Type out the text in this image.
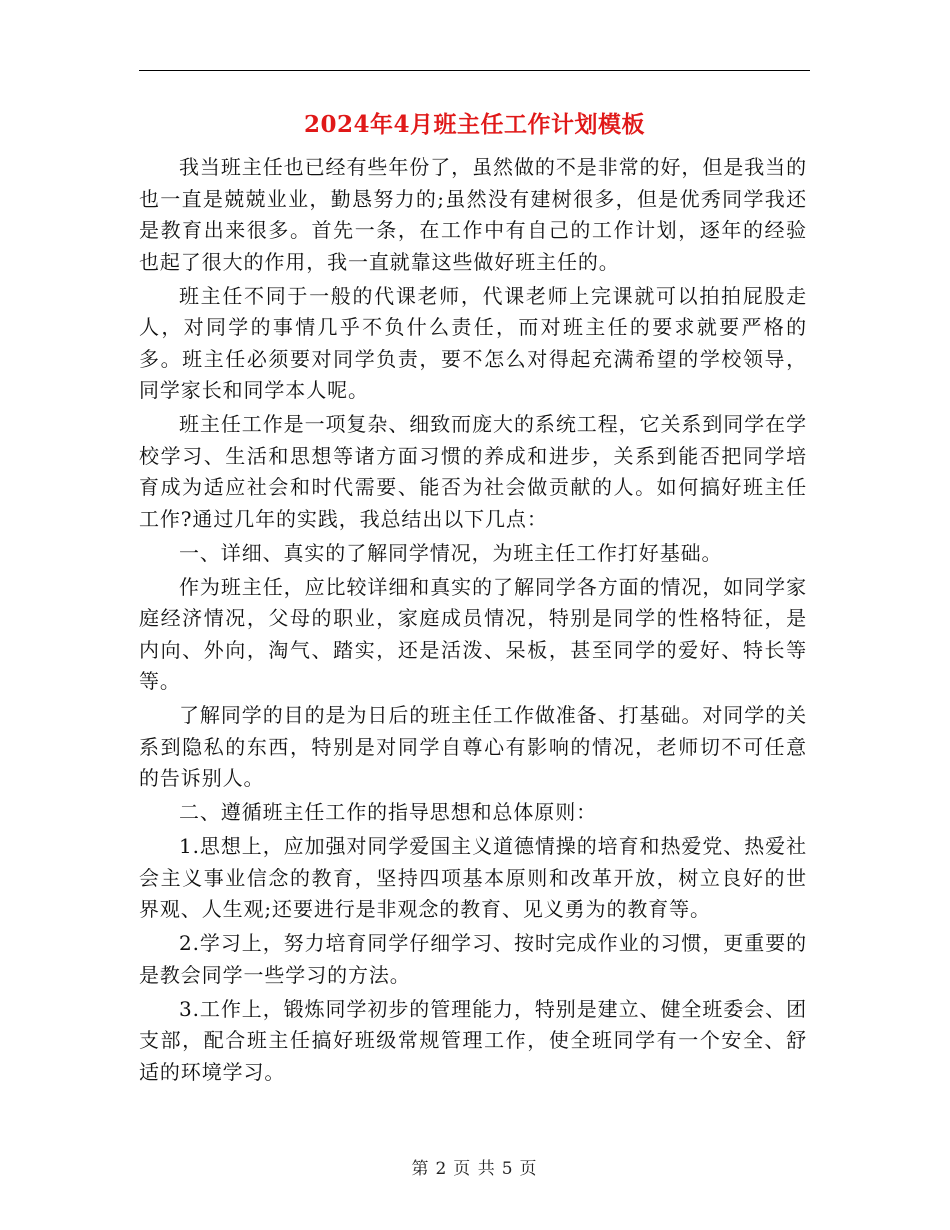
2024年4月班主任工作计划模板

我当班主任也已经有些年份了，虽然做的不是非常的好，但是我当的也一直是兢兢业业，勤恳努力的;虽然没有建树很多，但是优秀同学我还是教育出来很多。首先一条，在工作中有自己的工作计划，逐年的经验也起了很大的作用，我一直就靠这些做好班主任的。

班主任不同于一般的代课老师，代课老师上完课就可以拍拍屁股走人，对同学的事情几乎不负什么责任，而对班主任的要求就要严格的多。班主任必须要对同学负责，要不怎么对得起充满希望的学校领导，同学家长和同学本人呢。

班主任工作是一项复杂、细致而庞大的系统工程，它关系到同学在学校学习、生活和思想等诸方面习惯的养成和进步，关系到能否把同学培育成为适应社会和时代需要、能否为社会做贡献的人。如何搞好班主任工作?通过几年的实践，我总结出以下几点：

一、详细、真实的了解同学情况，为班主任工作打好基础。

作为班主任，应比较详细和真实的了解同学各方面的情况，如同学家庭经济情况，父母的职业，家庭成员情况，特别是同学的性格特征，是内向、外向，淘气、踏实，还是活泼、呆板，甚至同学的爱好、特长等等。

了解同学的目的是为日后的班主任工作做准备、打基础。对同学的关系到隐私的东西，特别是对同学自尊心有影响的情况，老师切不可任意的告诉别人。

二、遵循班主任工作的指导思想和总体原则：

1.思想上，应加强对同学爱国主义道德情操的培育和热爱党、热爱社会主义事业信念的教育，坚持四项基本原则和改革开放，树立良好的世界观、人生观;还要进行是非观念的教育、见义勇为的教育等。

2.学习上，努力培育同学仔细学习、按时完成作业的习惯，更重要的是教会同学一些学习的方法。

3.工作上，锻炼同学初步的管理能力，特别是建立、健全班委会、团支部，配合班主任搞好班级常规管理工作，使全班同学有一个安全、舒适的环境学习。

第 2 页 共 5 页
